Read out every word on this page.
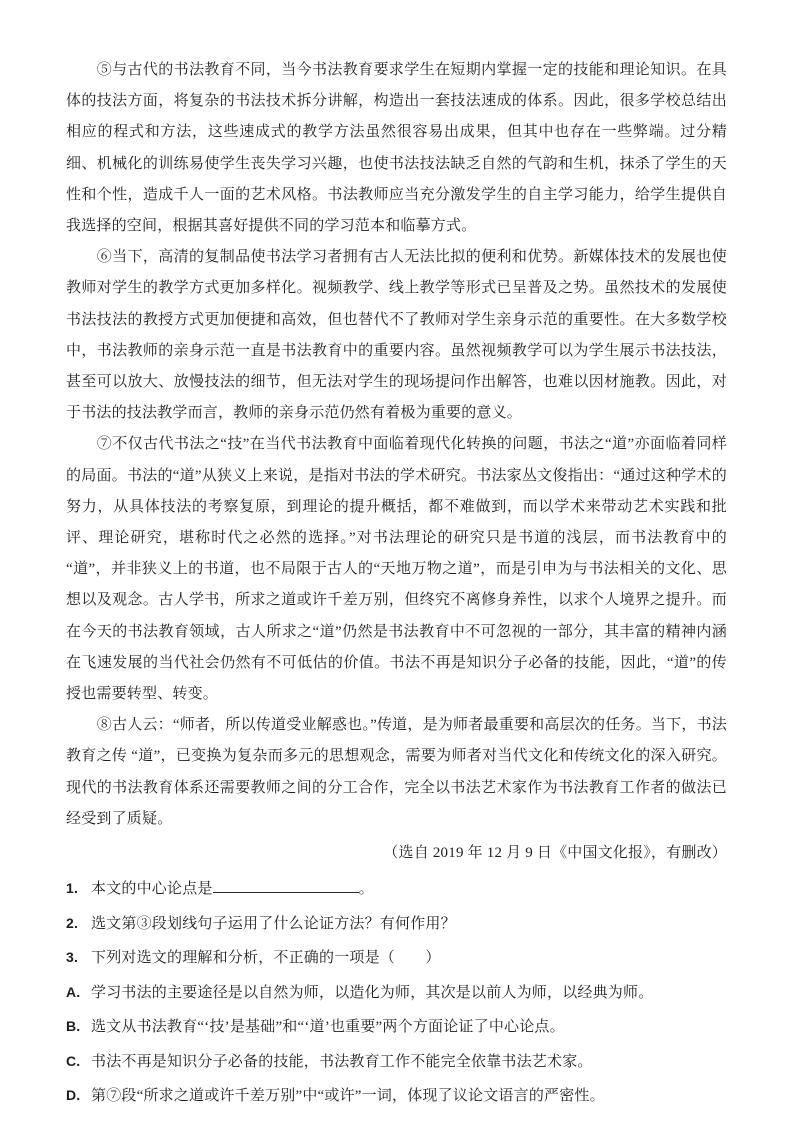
⑤与古代的书法教育不同，当今书法教育要求学生在短期内掌握一定的技能和理论知识。在具体的技法方面，将复杂的书法技术拆分讲解，构造出一套技法速成的体系。因此，很多学校总结出相应的程式和方法，这些速成式的教学方法虽然很容易出成果，但其中也存在一些弊端。过分精细、机械化的训练易使学生丧失学习兴趣，也使书法技法缺乏自然的气韵和生机，抹杀了学生的天性和个性，造成千人一面的艺术风格。书法教师应当充分激发学生的自主学习能力，给学生提供自我选择的空间，根据其喜好提供不同的学习范本和临摹方式。

⑥当下，高清的复制品使书法学习者拥有古人无法比拟的便利和优势。新媒体技术的发展也使教师对学生的教学方式更加多样化。视频教学、线上教学等形式已呈普及之势。虽然技术的发展使书法技法的教授方式更加便捷和高效，但也替代不了教师对学生亲身示范的重要性。在大多数学校中，书法教师的亲身示范一直是书法教育中的重要内容。虽然视频教学可以为学生展示书法技法，甚至可以放大、放慢技法的细节，但无法对学生的现场提问作出解答，也难以因材施教。因此，对于书法的技法教学而言，教师的亲身示范仍然有着极为重要的意义。

⑦不仅古代书法之“技”在当代书法教育中面临着现代化转换的问题，书法之“道”亦面临着同样的局面。书法的“道”从狭义上来说，是指对书法的学术研究。书法家丛文俊指出：“通过这种学术的努力，从具体技法的考察复原，到理论的提升概括，都不难做到，而以学术来带动艺术实践和批评、理论研究，堪称时代之必然的选择。”对书法理论的研究只是书道的浅层，而书法教育中的“道”，并非狭义上的书道，也不局限于古人的“天地万物之道”，而是引申为与书法相关的文化、思想以及观念。古人学书，所求之道或许千差万别，但终究不离修身养性，以求个人境界之提升。而在今天的书法教育领域，古人所求之“道”仍然是书法教育中不可忽视的一部分，其丰富的精神内涵在飞速发展的当代社会仍然有不可低估的价值。书法不再是知识分子必备的技能，因此，“道”的传授也需要转型、转变。

⑧古人云：“师者，所以传道受业解惑也。”传道，是为师者最重要和高层次的任务。当下，书法教育之传 “道”，已变换为复杂而多元的思想观念，需要为师者对当代文化和传统文化的深入研究。现代的书法教育体系还需要教师之间的分工合作，完全以书法艺术家作为书法教育工作者的做法已经受到了质疑。

（选自 2019 年 12 月 9 日《中国文化报》，有删改）

1. 本文的中心论点是	。

2. 选文第③段划线句子运用了什么论证方法？有何作用？

3. 下列对选文的理解和分析，不正确的一项是（　　）

A. 学习书法的主要途径是以自然为师，以造化为师，其次是以前人为师，以经典为师。

B. 选文从书法教育“‘技’是基础”和“‘道’也重要”两个方面论证了中心论点。

C. 书法不再是知识分子必备的技能，书法教育工作不能完全依靠书法艺术家。

D. 第⑦段“所求之道或许千差万别”中“或许”一词，体现了议论文语言的严密性。
